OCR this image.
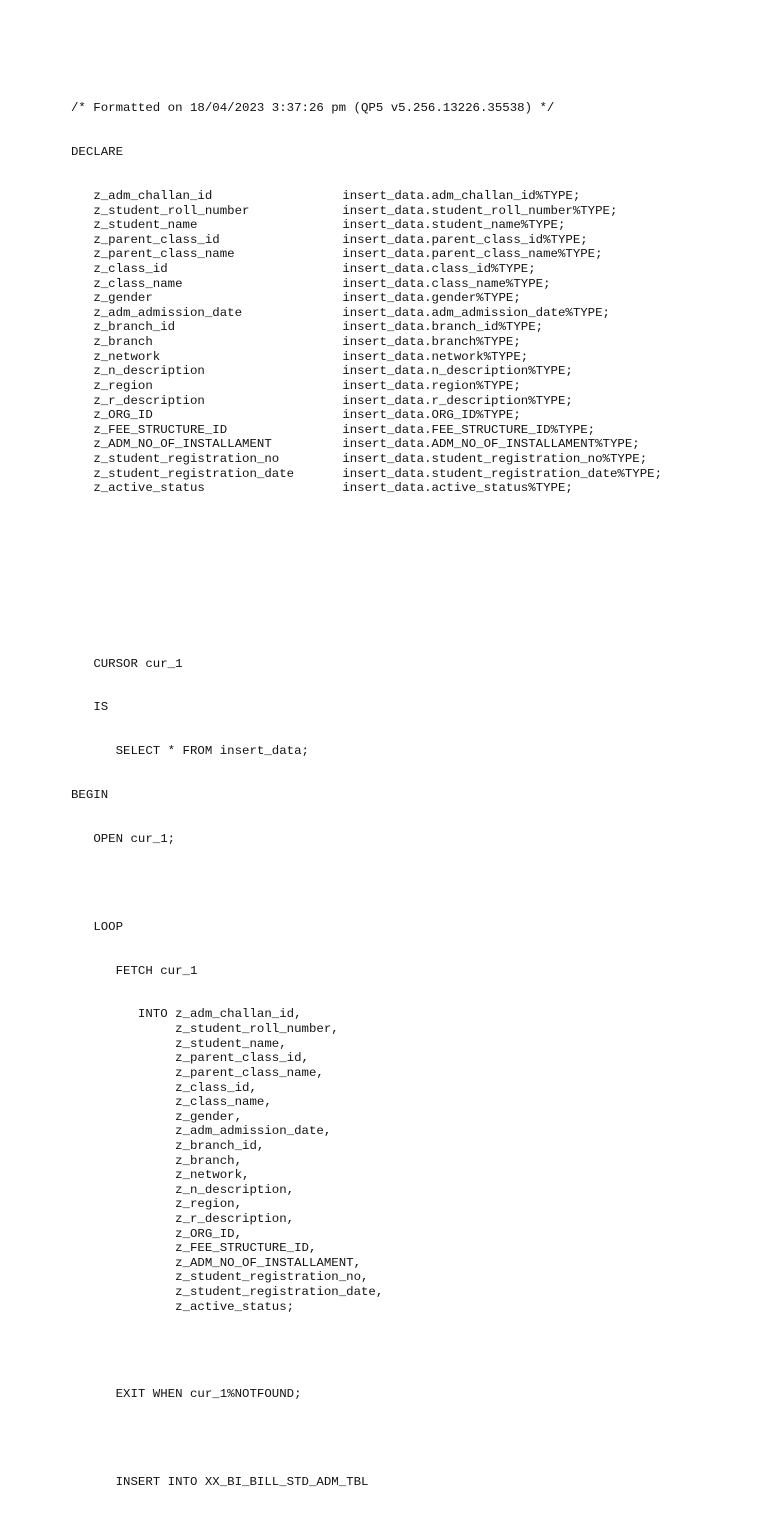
/* Formatted on 18/04/2023 3:37:26 pm (QP5 v5.256.13226.35538) */

DECLARE

z_adm_challan_id	insert_data.adm_challan_id%TYPE;
z_student_roll_number	insert_data.student_roll_number%TYPE;
z_student_name	insert_data.student_name%TYPE;
z_parent_class_id	insert_data.parent_class_id%TYPE;
z_parent_class_name	insert_data.parent_class_name%TYPE;
z_class_id	insert_data.class_id%TYPE;
z_class_name	insert_data.class_name%TYPE;
z_gender	insert_data.gender%TYPE;
z_adm_admission_date	insert_data.adm_admission_date%TYPE;
z_branch_id	insert_data.branch_id%TYPE;
z_branch	insert_data.branch%TYPE;
z_network	insert_data.network%TYPE;
z_n_description	insert_data.n_description%TYPE;
z_region	insert_data.region%TYPE;
z_r_description	insert_data.r_description%TYPE;
z_ORG_ID	insert_data.ORG_ID%TYPE;
z_FEE_STRUCTURE_ID	insert_data.FEE_STRUCTURE_ID%TYPE;
z_ADM_NO_OF_INSTALLAMENT	insert_data.ADM_NO_OF_INSTALLAMENT%TYPE;
z_student_registration_no	insert_data.student_registration_no%TYPE;
z_student_registration_date	insert_data.student_registration_date%TYPE;
z_active_status	insert_data.active_status%TYPE;

CURSOR cur_1

IS

SELECT * FROM insert_data;

BEGIN

OPEN cur_1;

LOOP

FETCH cur_1

INTO z_adm_challan_id,
z_student_roll_number,
z_student_name,
z_parent_class_id,
z_parent_class_name,
z_class_id,
z_class_name,
z_gender,
z_adm_admission_date,
z_branch_id,
z_branch,
z_network,
z_n_description,
z_region,
z_r_description,
z_ORG_ID,
z_FEE_STRUCTURE_ID,
z_ADM_NO_OF_INSTALLAMENT,
z_student_registration_no,
z_student_registration_date,
z_active_status;

EXIT WHEN cur_1%NOTFOUND;

INSERT INTO XX_BI_BILL_STD_ADM_TBL
